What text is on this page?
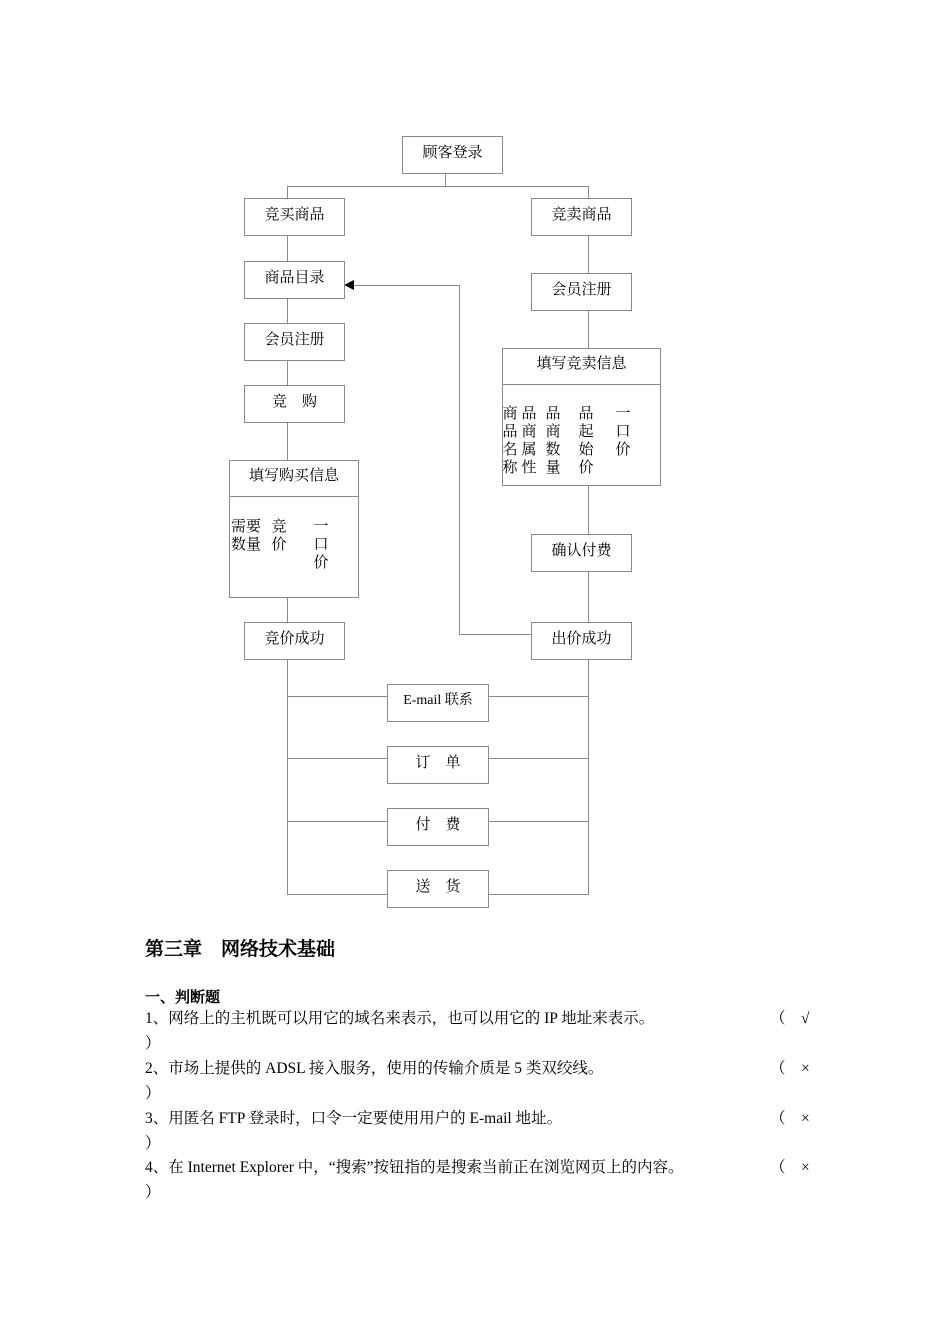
顾客登录
竞买商品	竞卖商品
商品目录
会员注册
会员注册
竞　购
填写竞卖信息
商品名称
品商属性
品商数量
品起始价
一口价
填写购买信息
需要数量
竞价
一口价
确认付费
竞价成功	出价成功
E-mail 联系
订　单
付　费
送　货
第三章　网络技术基础
一、判断题
1、网络上的主机既可以用它的域名来表示，也可以用它的 IP 地址来表示。	（　√
）
2、市场上提供的 ADSL 接入服务，使用的传输介质是 5 类双绞线。	（　×
）
3、用匿名 FTP 登录时，口令一定要使用用户的 E-mail 地址。	（　×
）
4、在 Internet Explorer 中，“搜索”按钮指的是搜索当前正在浏览网页上的内容。	（　×
）
